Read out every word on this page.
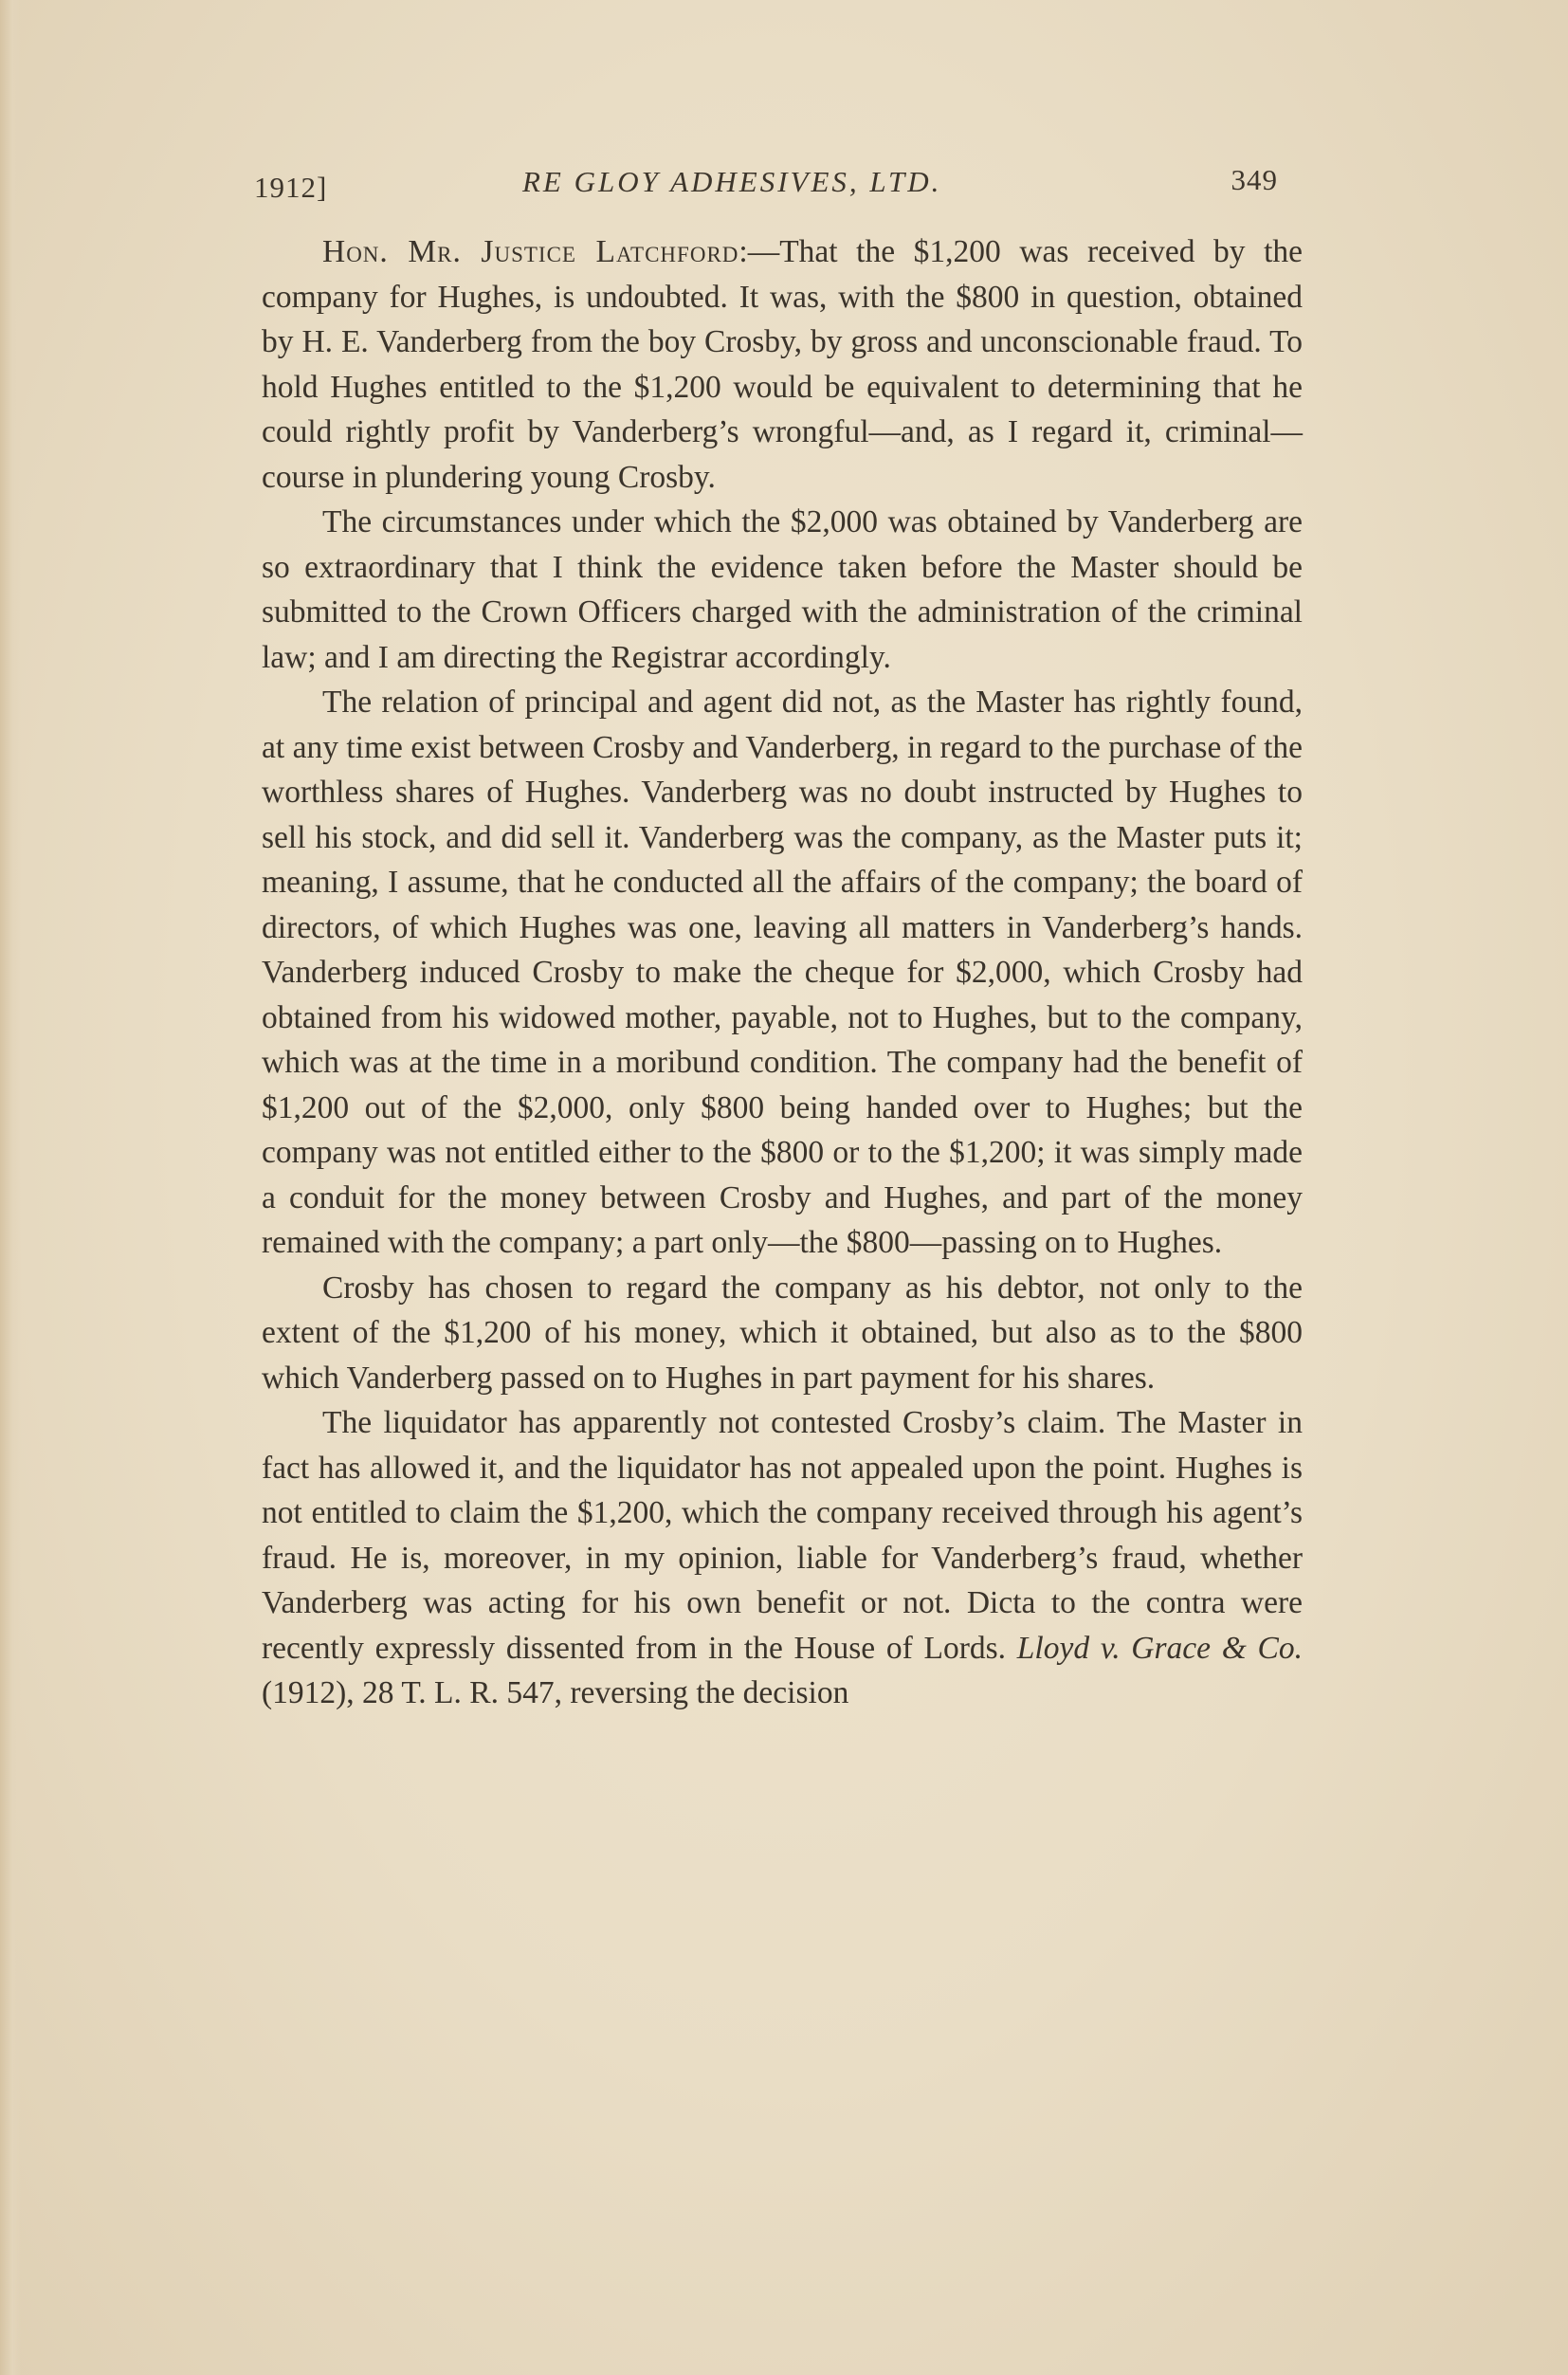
1912]	RE GLOY ADHESIVES, LTD.	349

Hon. Mr. Justice Latchford:—That the $1,200 was received by the company for Hughes, is undoubted. It was, with the $800 in question, obtained by H. E. Vanderberg from the boy Crosby, by gross and unconscionable fraud. To hold Hughes entitled to the $1,200 would be equivalent to determining that he could rightly profit by Vanderberg’s wrongful—and, as I regard it, criminal—course in plundering young Crosby.

The circumstances under which the $2,000 was obtained by Vanderberg are so extraordinary that I think the evidence taken before the Master should be submitted to the Crown Officers charged with the administration of the criminal law; and I am directing the Registrar accordingly.

The relation of principal and agent did not, as the Master has rightly found, at any time exist between Crosby and Vanderberg, in regard to the purchase of the worthless shares of Hughes. Vanderberg was no doubt instructed by Hughes to sell his stock, and did sell it. Vanderberg was the company, as the Master puts it; meaning, I assume, that he conducted all the affairs of the company; the board of directors, of which Hughes was one, leaving all matters in Vanderberg’s hands. Vanderberg induced Crosby to make the cheque for $2,000, which Crosby had obtained from his widowed mother, payable, not to Hughes, but to the company, which was at the time in a moribund condition. The company had the benefit of $1,200 out of the $2,000, only $800 being handed over to Hughes; but the company was not entitled either to the $800 or to the $1,200; it was simply made a conduit for the money between Crosby and Hughes, and part of the money remained with the company; a part only—the $800—passing on to Hughes.

Crosby has chosen to regard the company as his debtor, not only to the extent of the $1,200 of his money, which it obtained, but also as to the $800 which Vanderberg passed on to Hughes in part payment for his shares.

The liquidator has apparently not contested Crosby’s claim. The Master in fact has allowed it, and the liquidator has not appealed upon the point. Hughes is not entitled to claim the $1,200, which the company received through his agent’s fraud. He is, moreover, in my opinion, liable for Vanderberg’s fraud, whether Vanderberg was acting for his own benefit or not. Dicta to the contra were recently expressly dissented from in the House of Lords. Lloyd v. Grace & Co. (1912), 28 T. L. R. 547, reversing the decision
